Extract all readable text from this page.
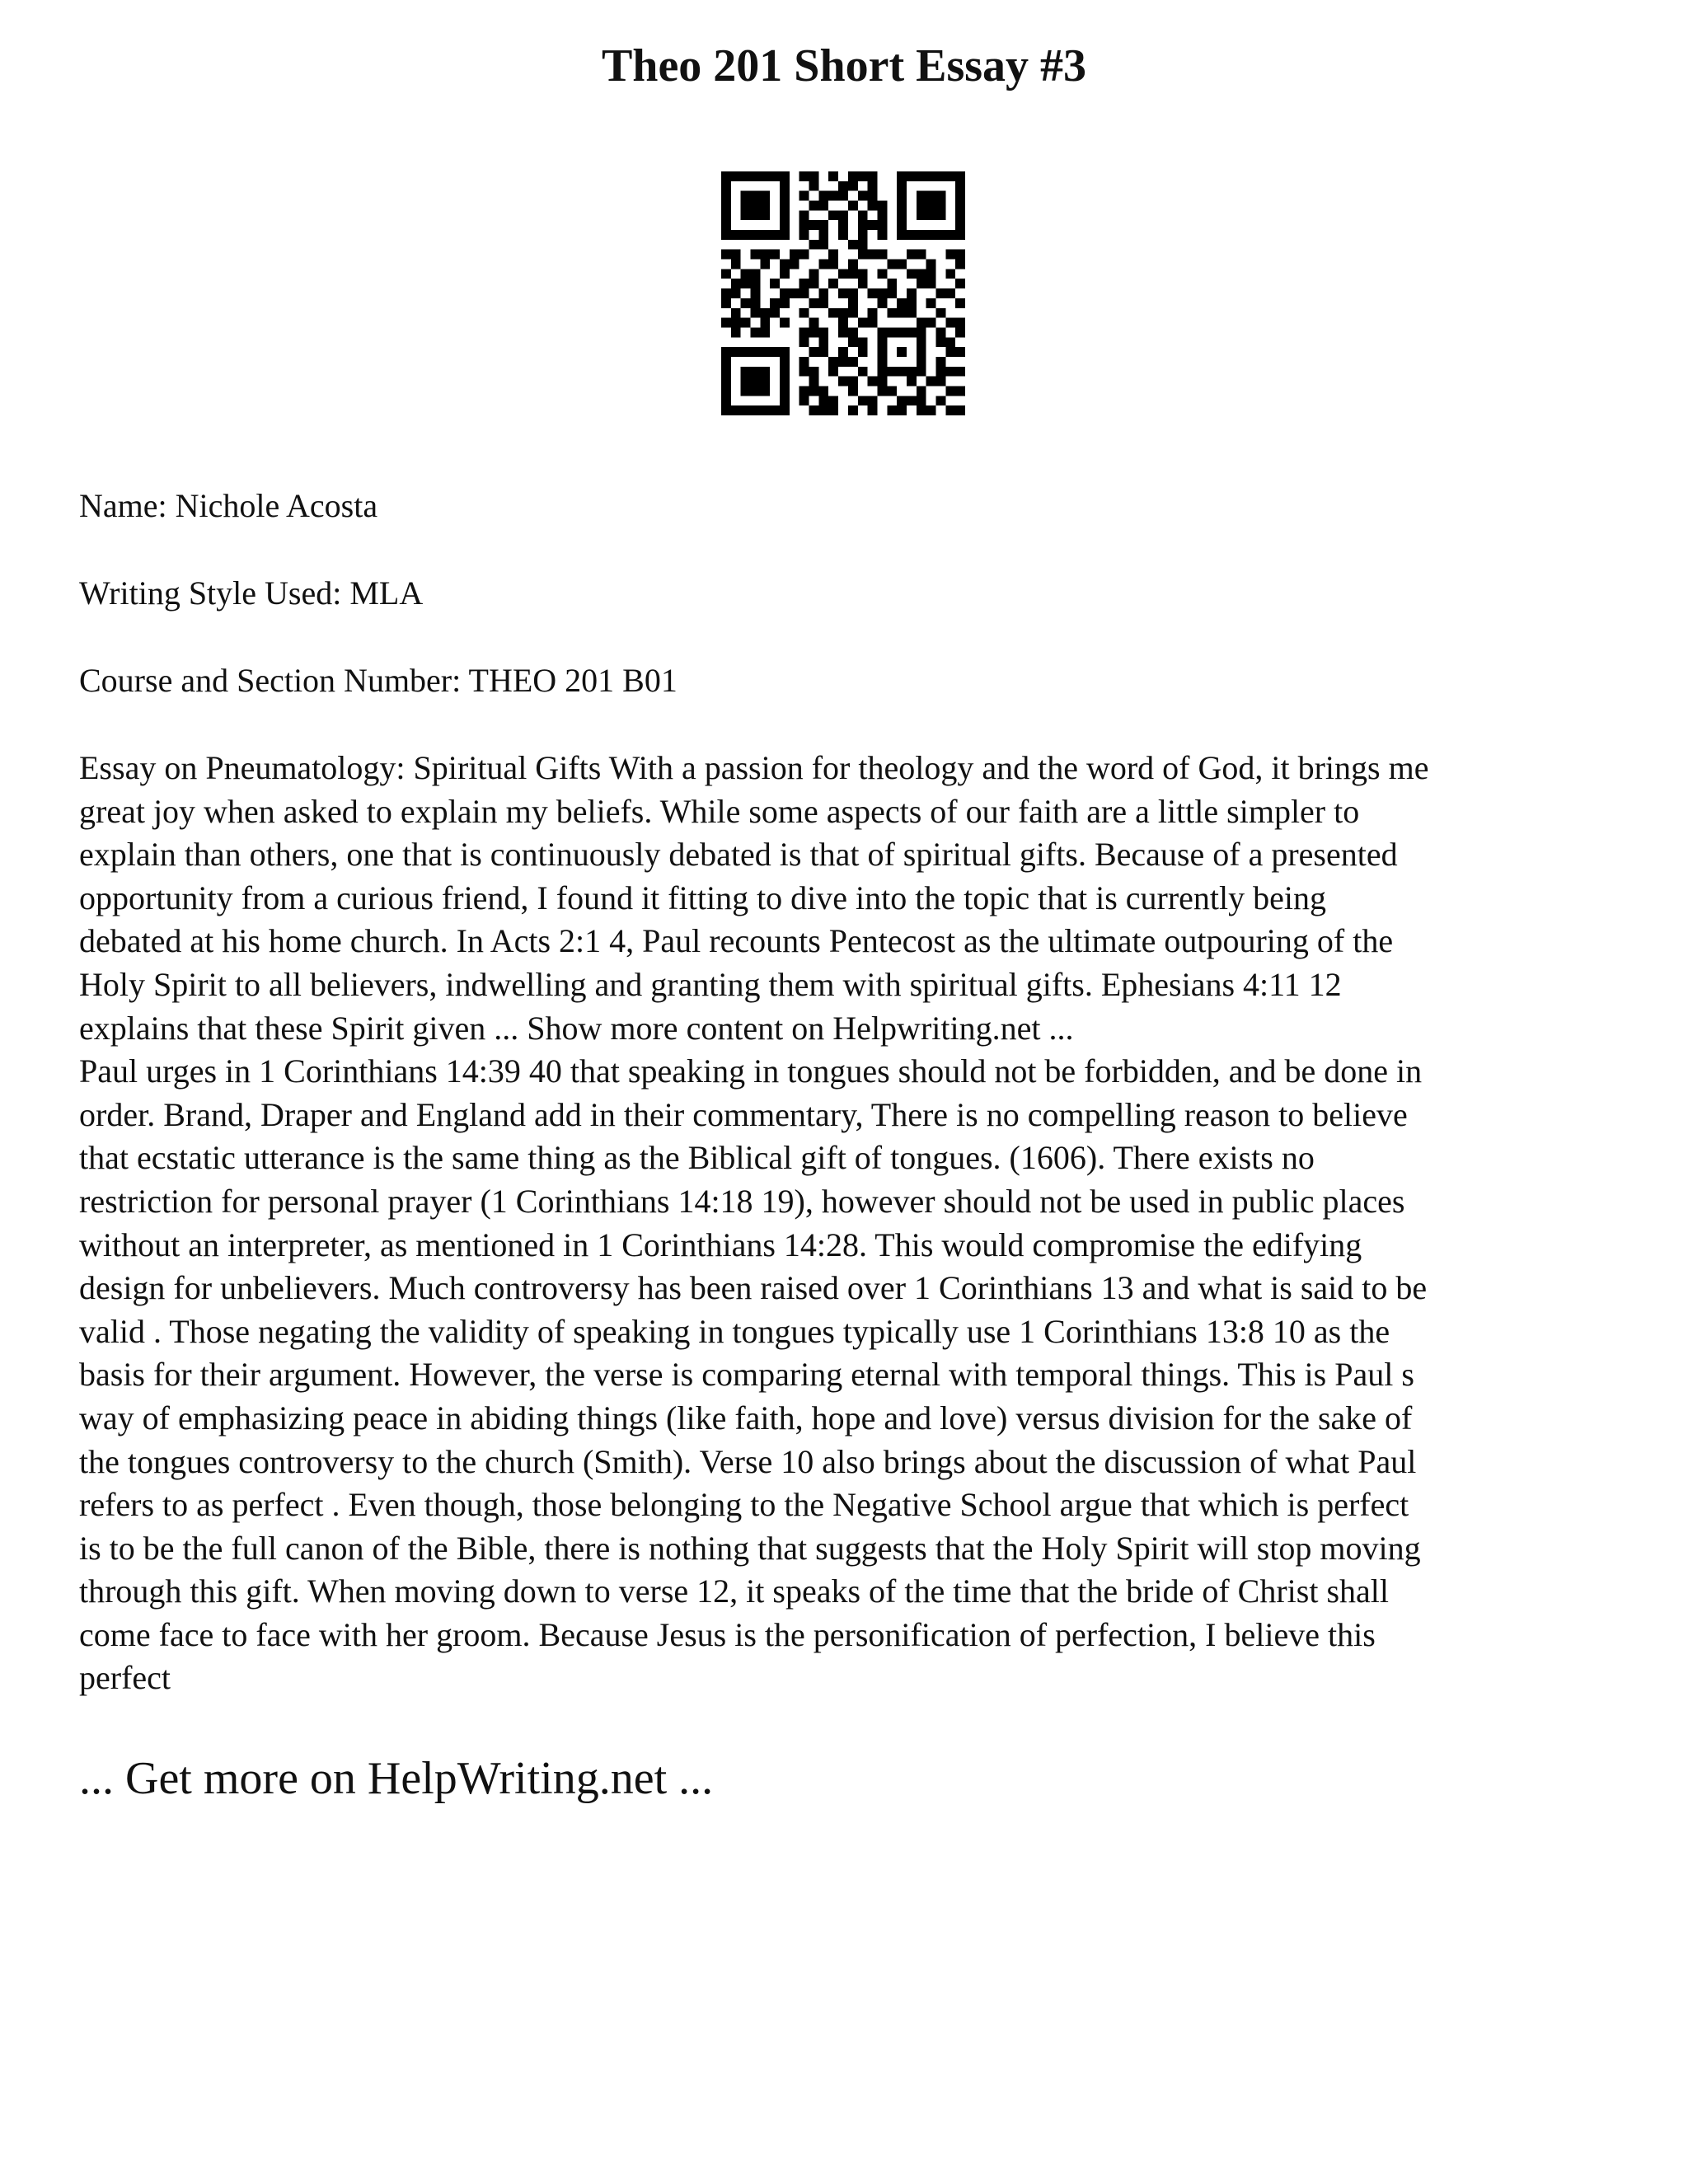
Theo 201 Short Essay #3

Name: Nichole Acosta

Writing Style Used: MLA

Course and Section Number: THEO 201 B01

Essay on Pneumatology: Spiritual Gifts With a passion for theology and the word of God, it brings me
great joy when asked to explain my beliefs. While some aspects of our faith are a little simpler to
explain than others, one that is continuously debated is that of spiritual gifts. Because of a presented
opportunity from a curious friend, I found it fitting to dive into the topic that is currently being
debated at his home church. In Acts 2:1 4, Paul recounts Pentecost as the ultimate outpouring of the
Holy Spirit to all believers, indwelling and granting them with spiritual gifts. Ephesians 4:11 12
explains that these Spirit given ... Show more content on Helpwriting.net ...
Paul urges in 1 Corinthians 14:39 40 that speaking in tongues should not be forbidden, and be done in
order. Brand, Draper and England add in their commentary, There is no compelling reason to believe
that ecstatic utterance is the same thing as the Biblical gift of tongues. (1606). There exists no
restriction for personal prayer (1 Corinthians 14:18 19), however should not be used in public places
without an interpreter, as mentioned in 1 Corinthians 14:28. This would compromise the edifying
design for unbelievers. Much controversy has been raised over 1 Corinthians 13 and what is said to be
valid . Those negating the validity of speaking in tongues typically use 1 Corinthians 13:8 10 as the
basis for their argument. However, the verse is comparing eternal with temporal things. This is Paul s
way of emphasizing peace in abiding things (like faith, hope and love) versus division for the sake of
the tongues controversy to the church (Smith). Verse 10 also brings about the discussion of what Paul
refers to as perfect . Even though, those belonging to the Negative School argue that which is perfect
is to be the full canon of the Bible, there is nothing that suggests that the Holy Spirit will stop moving
through this gift. When moving down to verse 12, it speaks of the time that the bride of Christ shall
come face to face with her groom. Because Jesus is the personification of perfection, I believe this
perfect

... Get more on HelpWriting.net ...
